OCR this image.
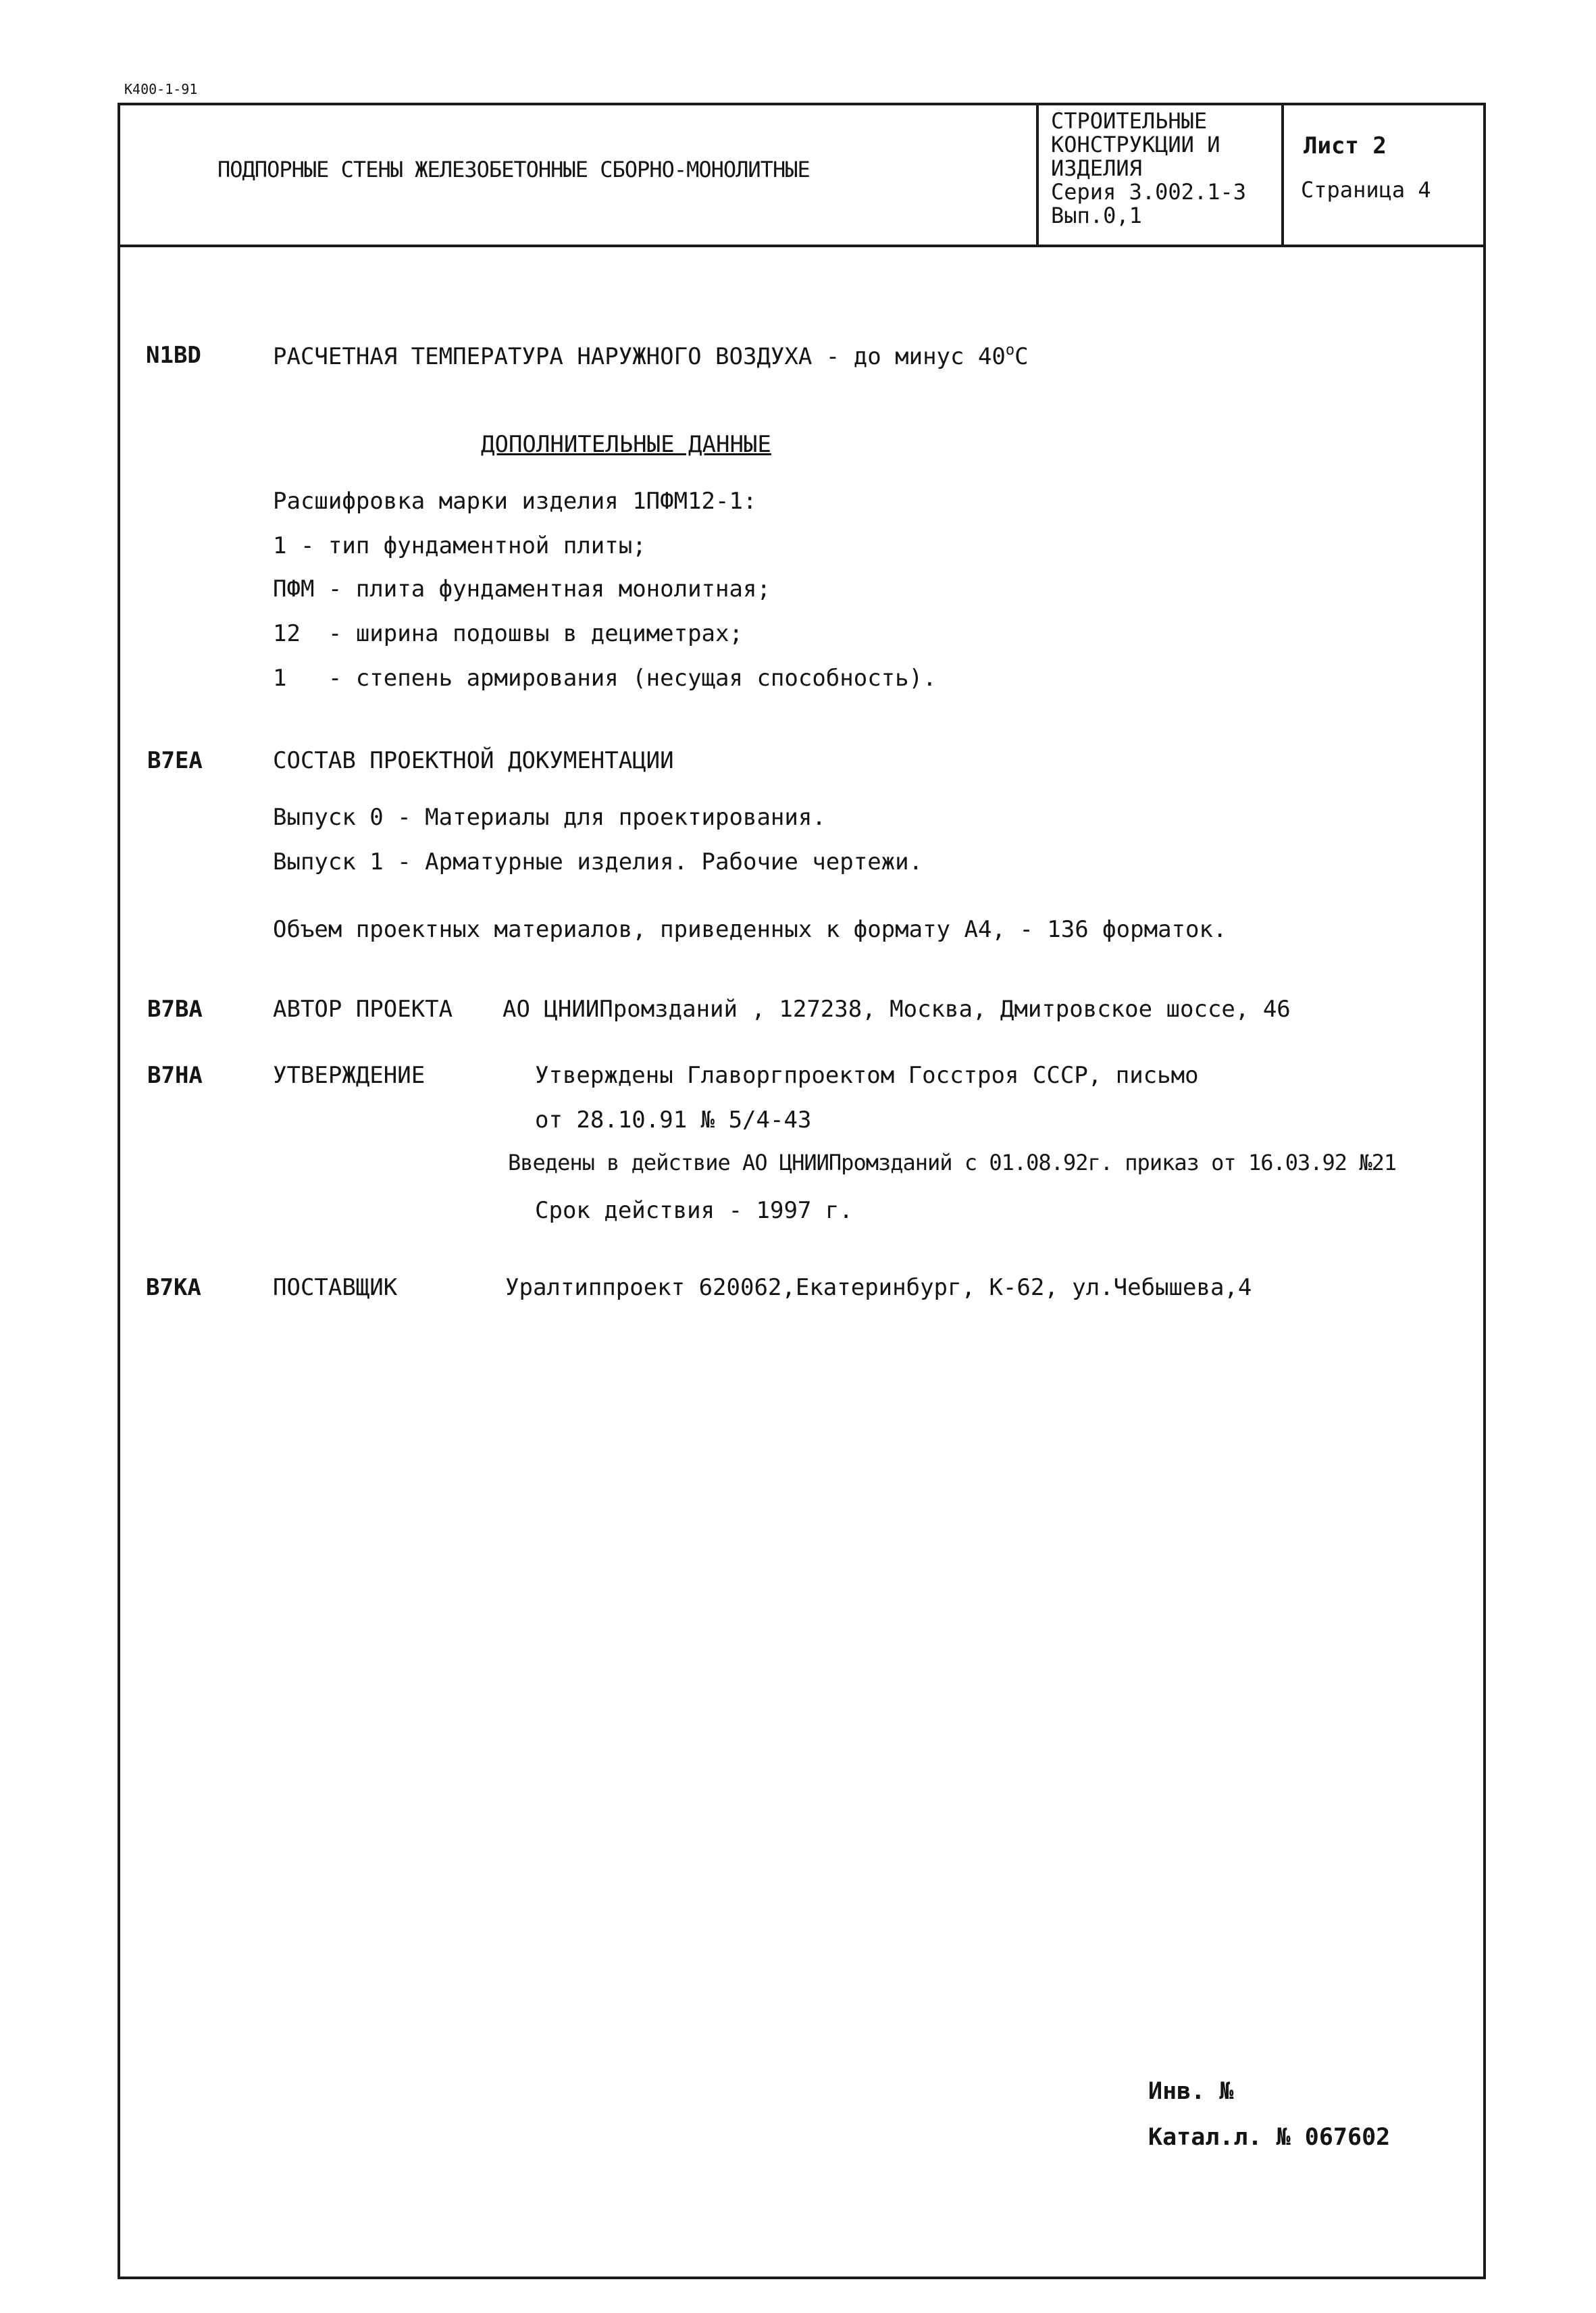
К400-1-91
ПОДПОРНЫЕ СТЕНЫ ЖЕЛЕЗОБЕТОННЫЕ СБОРНО-МОНОЛИТНЫЕ
СТРОИТЕЛЬНЫЕ
КОНСТРУКЦИИ И
ИЗДЕЛИЯ
Серия 3.002.1-3
Вып.0,1
Лист 2
Страница 4
N1BD	РАСЧЕТНАЯ ТЕМПЕРАТУРА НАРУЖНОГО ВОЗДУХА - до минус 40$^o$C
ДОПОЛНИТЕЛЬНЫЕ ДАННЫЕ
Расшифровка марки изделия 1ПФМ12-1:
1 - тип фундаментной плиты;
ПФМ - плита фундаментная монолитная;
12  - ширина подошвы в дециметрах;
1   - степень армирования (несущая способность).
B7EA	СОСТАВ ПРОЕКТНОЙ ДОКУМЕНТАЦИИ
Выпуск 0 - Материалы для проектирования.
Выпуск 1 - Арматурные изделия. Рабочие чертежи.
Объем проектных материалов, приведенных к формату А4, - 136 форматок.
B7BA	АВТОР ПРОЕКТА АО ЦНИИПромзданий , 127238, Москва, Дмитровское шоссе, 46
B7HA	УТВЕРЖДЕНИЕ	Утверждены Главоргпроектом Госстроя СССР, письмо
от 28.10.91 № 5/4-43
Введены в действие АО ЦНИИПромзданий с 01.08.92г. приказ от 16.03.92 №21
Срок действия - 1997 г.
B7KA	ПОСТАВЩИК	Уралтиппроект 620062,Екатеринбург, К-62, ул.Чебышева,4
Инв. №
Катал.л. № 067602
